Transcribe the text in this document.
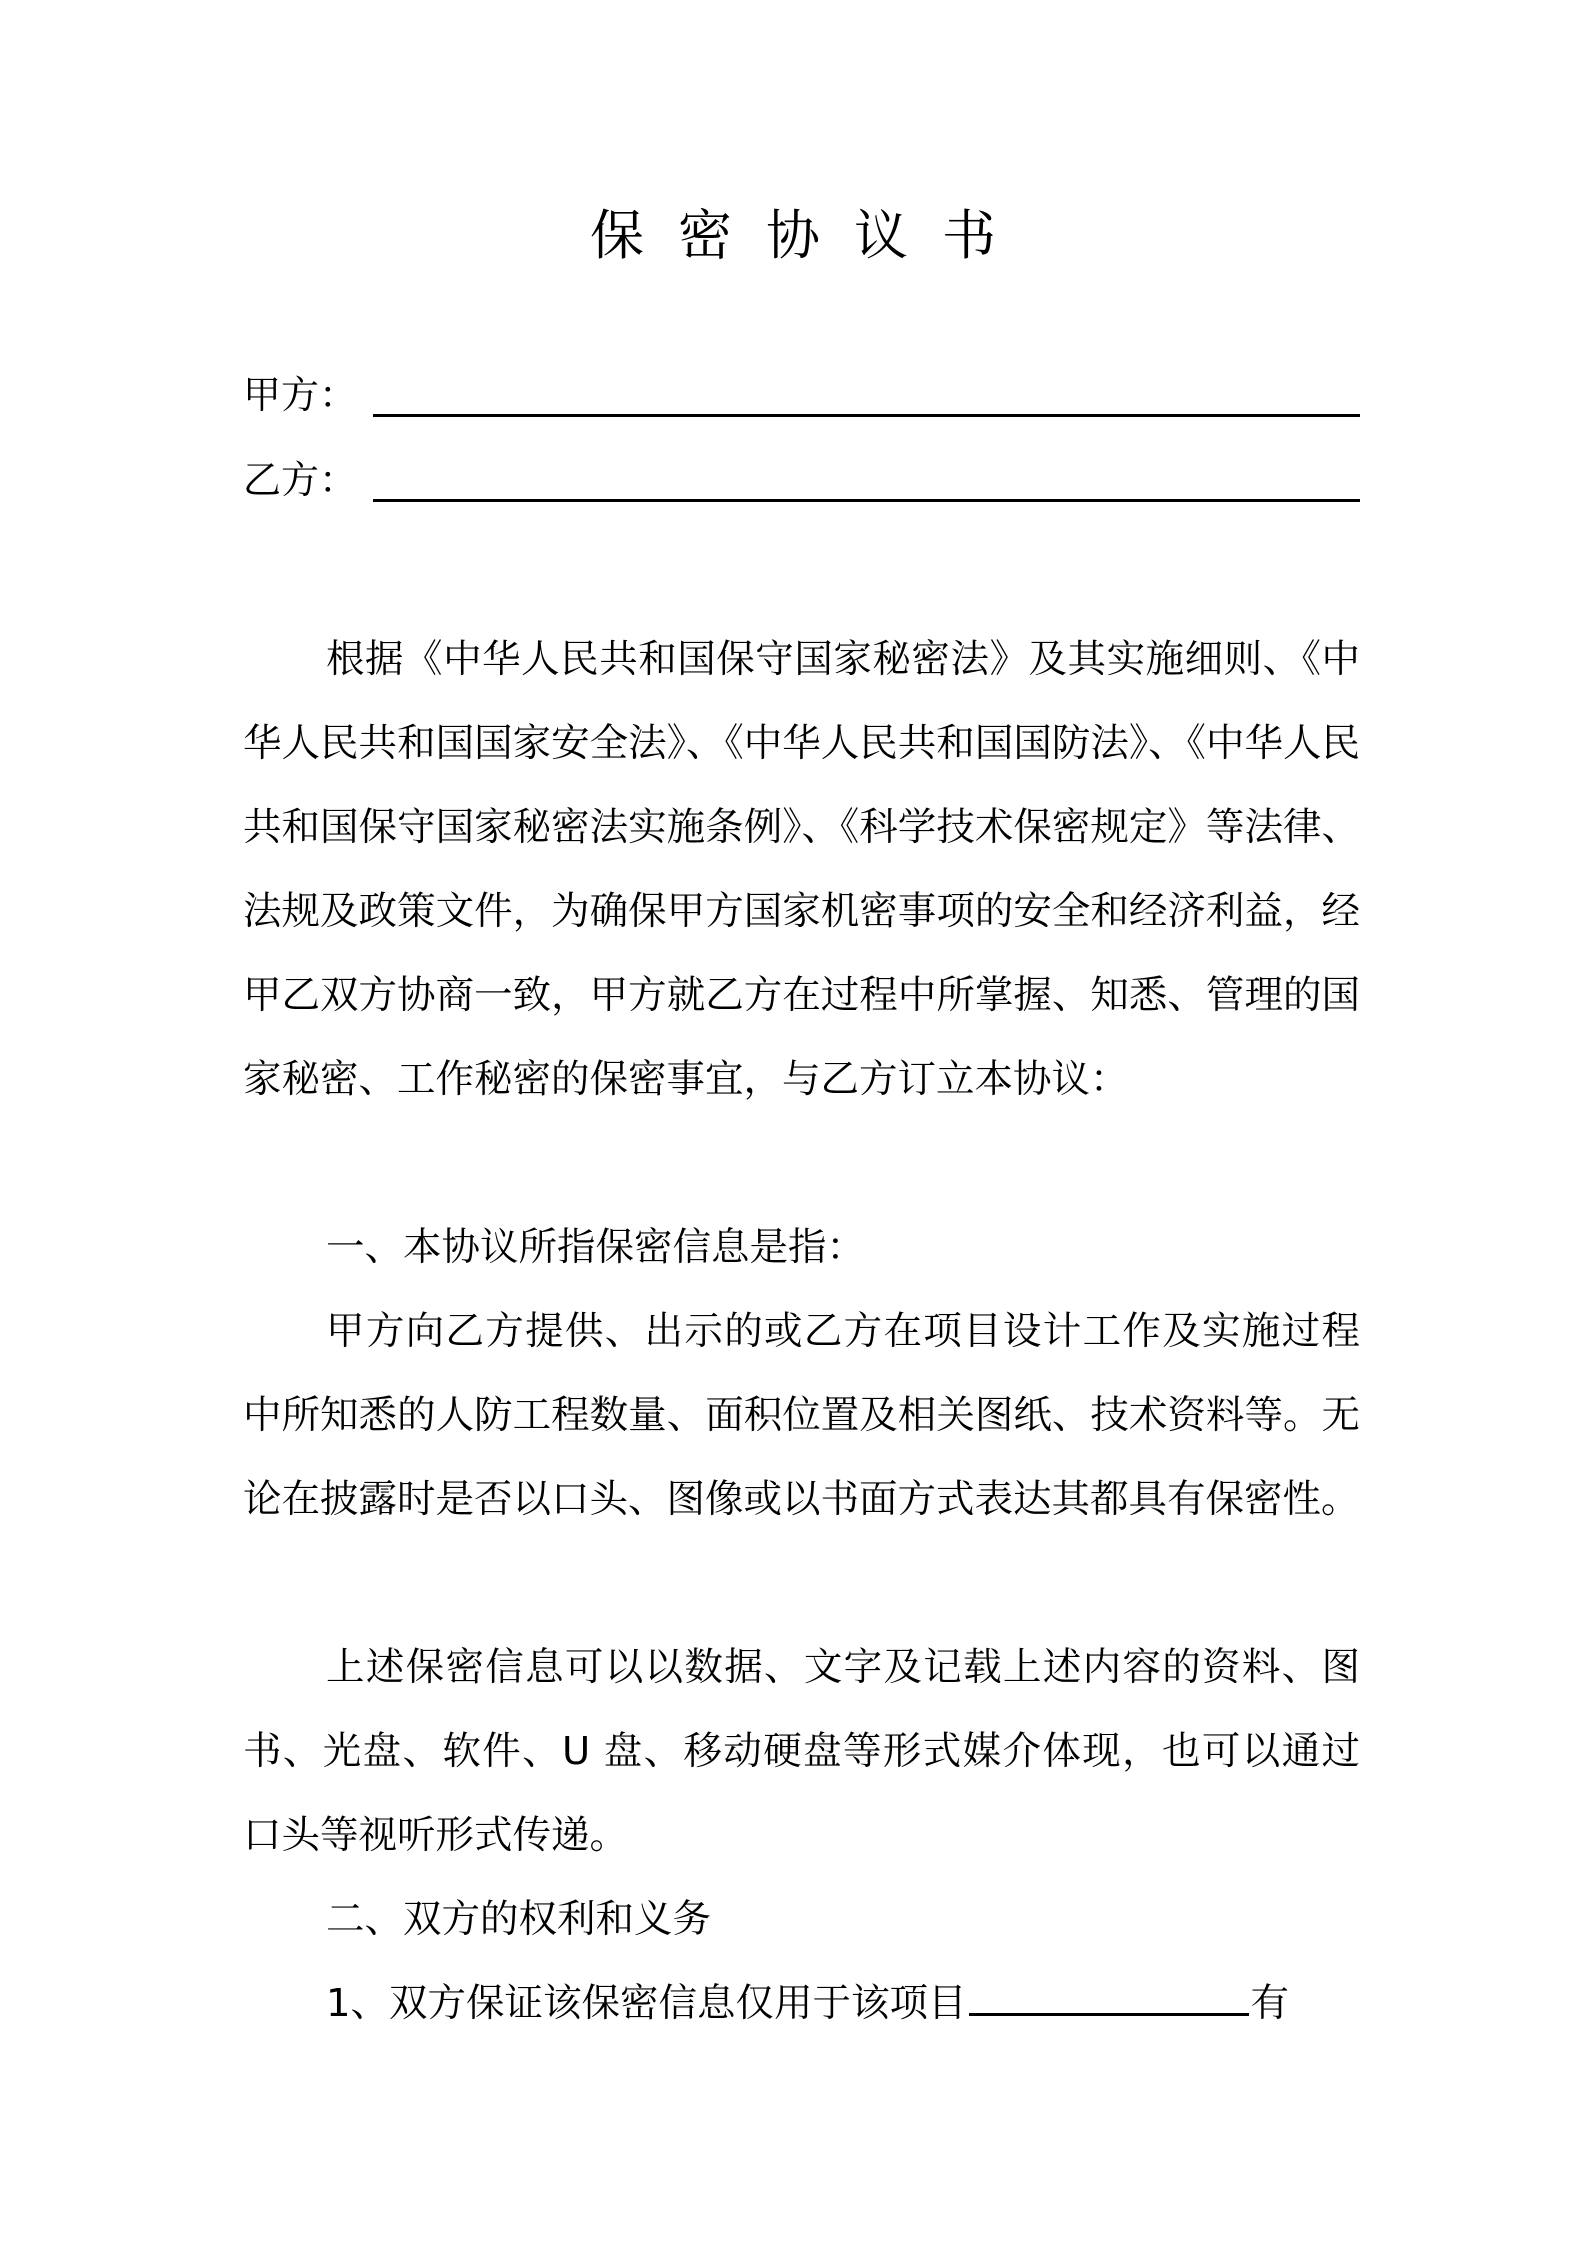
保密协议书
甲方：
乙方：

根据《中华人民共和国保守国家秘密法》及其实施细则、《中华人民共和国国家安全法》、《中华人民共和国国防法》、《中华人民共和国保守国家秘密法实施条例》、《科学技术保密规定》等法律、法规及政策文件，为确保甲方国家机密事项的安全和经济利益，经甲乙双方协商一致，甲方就乙方在过程中所掌握、知悉、管理的国家秘密、工作秘密的保密事宜，与乙方订立本协议：

一、本协议所指保密信息是指：

甲方向乙方提供、出示的或乙方在项目设计工作及实施过程中所知悉的人防工程数量、面积位置及相关图纸、技术资料等。无论在披露时是否以口头、图像或以书面方式表达其都具有保密性。

上述保密信息可以以数据、文字及记载上述内容的资料、图书、光盘、软件、U 盘、移动硬盘等形式媒介体现，也可以通过口头等视听形式传递。

二、双方的权利和义务

1、双方保证该保密信息仅用于该项目	有
